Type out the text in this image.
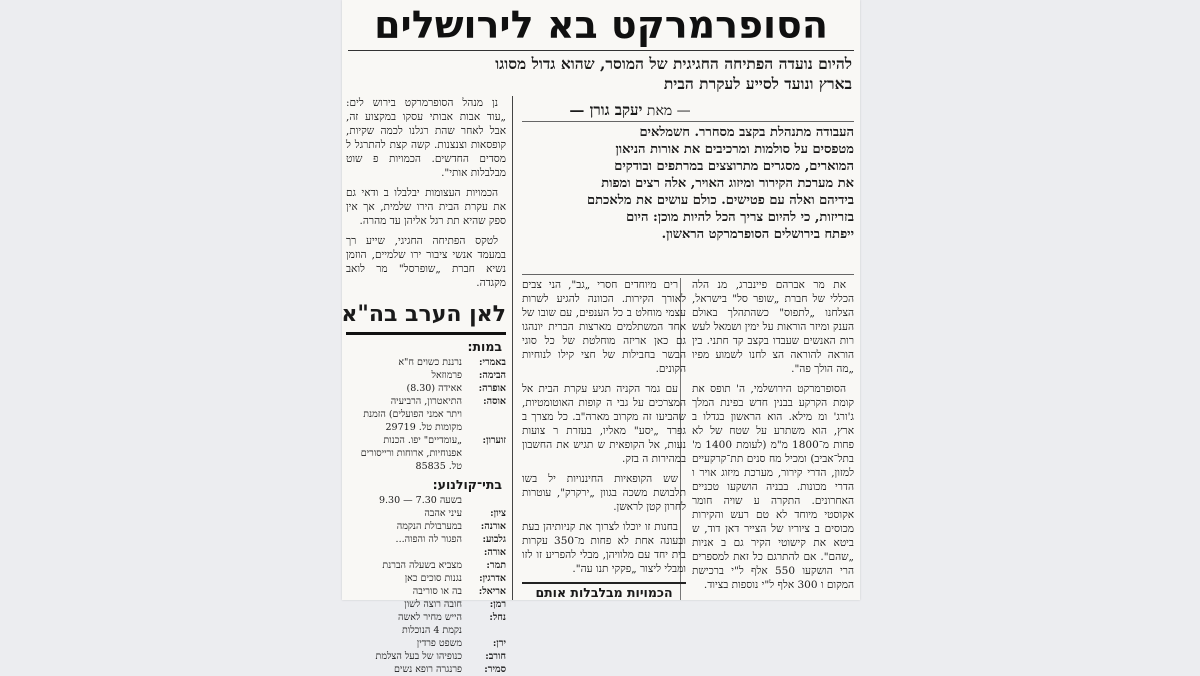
הסופרמרקט בא לירושלים
להיום נועדה הפתיחה החגיגית של המוסר, שהוא גדול מסוגו
בארץ ונועד לסייע לעקרת הבית
— מאת יעקב גורן —

העבודה מתנהלת בקצב מסחרר. חשמלאים

מטפסים על סולמות ומרכיבים את אורות הניאון

המוארים, מסגרים מתרוצצים במרתפים ובודקים

את מערכת הקירור ומיזוג האויר, אלה רצים ומפות

בידיהם ואלה עם פטישים. כולם עושים את מלאכתם

בזריזות, כי להיום צריך הכל להיות מוכן: היום

ייפתח בירושלים הסופרמרקט הראשון.

את מר אברהם פיינברג, מנ הלה הכללי של חברת „שופר סל" בישראל, הצלחנו „לתפוס" כשהתהלך באולם הענק ומיזר הוראות על ימין ושמאל לעש רות האנשים שעבדו בקצב קד חתני. בין הוראה להוראה הצ לחנו לשמוע מפיו „מה הולך פה".

הסופרמרקט הירושלמי, ה' תופס את קומת הקרקע בבנין חדש בפינת המלך ג'ורג' ומ מילא. הוא הראשון בגדלו ב ארץ, הוא משתרע על שטח של לא פחות מ־1800 מ"מ (לעומת 1400 מ' בתל־אביב) ומכיל מח סנים תת־קרקעיים למזון, הדרי קירור, מערכת מיזוג אויר ו הדרי מכונות. בבניה הושקעו טכניים האחרונים. התקרה ע שויה חומר אקוסטי מיוחד לא טם רעש והקירות מכוסים ב ציוריו של הצייר דאן דוד, ש ביטא את קישוטי הקיר גם ב אניות „שהם". אם להתרגם כל זאת למספרים הרי הושקעו 550 אלף ל"י ברכישת המקום ו 300 אלף ל"י נוספות בציוד.

רים מיוחדים חסרי „גב", הני צבים לאורך הקירות. הכוונה להגיע לשרות עצמי מוחלט ב כל הענפים, עם שובו של אחד המשתלמים מארצות הברית יונהגו גם כאן אריזה מוחלטת של כל סוגי הבשר בחבילות של חצי קילו לנוחיות הקונים.

עם גמר הקניה תגיע עקרת הבית אל המצרכים על גבי ה קופות האוטומטיות, שהביעו זה מקרוב מארה"ב. כל מצרך ב גפרד „יסע" מאליו, בעזרת ר צועות נעות, אל הקופאית ש תגיש את החשבון במהירות ה בזק.

שש הקופאיות החיננויות יל בשו תלבושת משכה בגוון „ירקרק", עוטרות לחרון קטן לראשן.

בחנות זו יוכלו לצרוך את קניותיהן בעת ובעונה אחת לא פחות מ־350 עקרות בית יחד עם מלוויהן, מבלי להפריע זו לזו ומבלי ליצור „פקקי תנו עה".

הכמויות מבלבלות אותם

נן מנהל הסופרמרקט בירוש לים: „עוד אבות אבותי עסקו במקצוע זה, אבל לאחר שהת רגלנו לכמה שקיות, קופסאות וצנצנות. קשה קצת להתרגל ל מסדים החדשים. הכמויות פ שוט מבלבלות אותי".

הכמויות העצומות יבלבלו ב ודאי גם את עקרת הבית הירו שלמית, אך אין ספק שהיא תת רגל אליהן עד מהרה.

לטקס הפתיחה החגיגי, שייע רך במעמד אנשי ציבור ירו שלמיים, הוזמן נשיא חברת „שופרסל" מר לואב מקגדה.

לאן הערב בה"א
במות:
באמרי:
נרננת כשוים ח"א
הבימה:
פרמוזאל
אופרה:
אאידה (8.30)
אוסה:
התיאטרון, הרביעיה
ויתר אמני הפועלים) הזמנת
מקומות טל. 29719
זוערון:
„עומדיים" יפו. הכנות
אפנוחיות, ארוחות ורייסורים
טל. 85835
בתי־קולנוע:
בשעה 7.30 — 9.30
ציון:
עיני אהבה
אורנה:
במערבולת הנקמה
גלבוע:
הפגור לה והפוה...
אורה:
תמר:
מצביא בשעלה הברנת
אדרגין:
נגנות סוכים כאן
אריאל:
בה או סוריבה
רמן:
חובה רוצה לשון
נחל:
הייש מחיר לאשה
נקמת 4 הנוכלות
ירן:
משפט פרדין
חורב:
כנופיהו של בעל הצלמת
סמיר:
פרנגרה רופא נשים
